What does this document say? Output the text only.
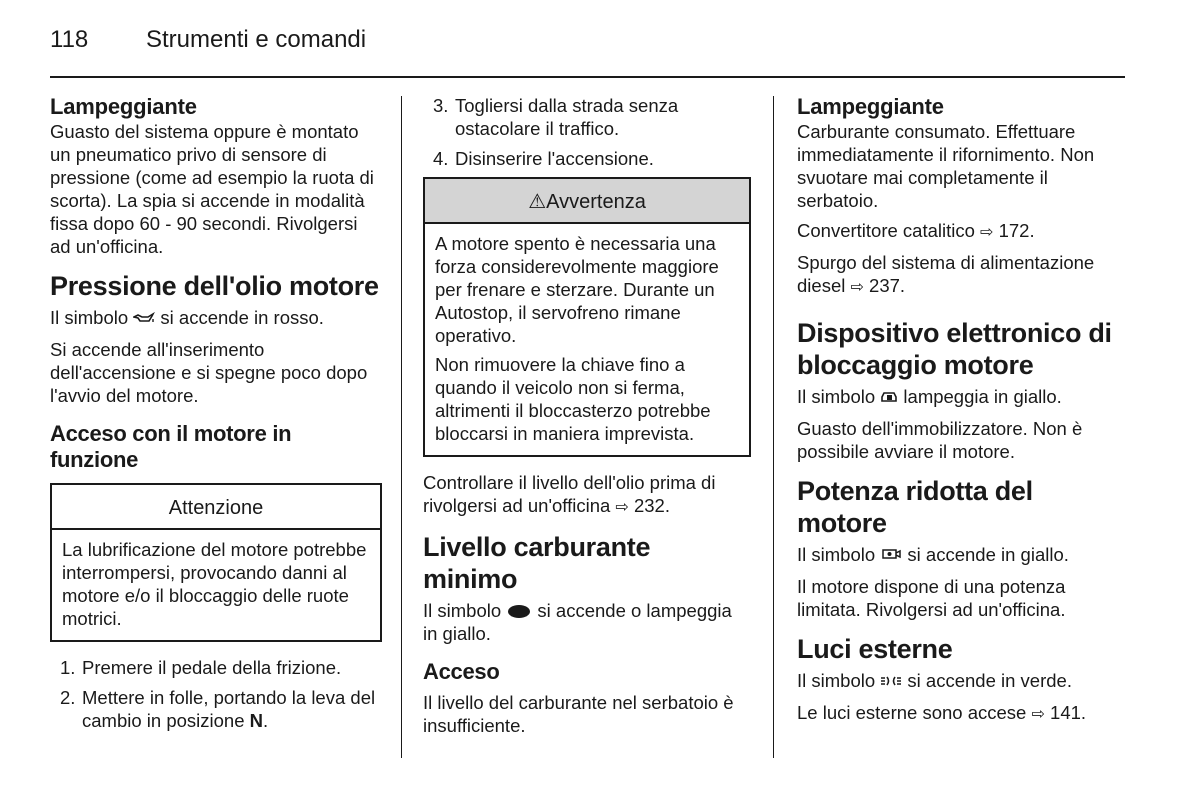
118 Strumenti e comandi
Lampeggiante

Guasto del sistema oppure è montato un pneumatico privo di sensore di pressione (come ad esempio la ruota di scorta). La spia si accende in modalità fissa dopo 60 - 90 secondi. Rivolgersi ad un'officina.

Pressione dell'olio motore

Il simbolo si accende in rosso.

Si accende all'inserimento dell'accensione e si spegne poco dopo l'avvio del motore.

Acceso con il motore in funzione
Attenzione

La lubrificazione del motore potrebbe interrompersi, provocando danni al motore e/o il bloccaggio delle ruote motrici.

1. Premere il pedale della frizione.
2. Mettere in folle, portando la leva del cambio in posizione N.
3. Togliersi dalla strada senza ostacolare il traffico.
4. Disinserire l'accensione.
⚠Avvertenza

A motore spento è necessaria una forza considerevolmente maggiore per frenare e sterzare. Durante un Autostop, il servofreno rimane operativo.

Non rimuovere la chiave fino a quando il veicolo non si ferma, altrimenti il bloccasterzo potrebbe bloccarsi in maniera imprevista.

Controllare il livello dell'olio prima di rivolgersi ad un'officina ⇨ 232.

Livello carburante minimo

Il simbolo si accende o lampeggia in giallo.

Acceso

Il livello del carburante nel serbatoio è insufficiente.

Lampeggiante

Carburante consumato. Effettuare immediatamente il rifornimento. Non svuotare mai completamente il serbatoio.

Convertitore catalitico ⇨ 172.

Spurgo del sistema di alimentazione diesel ⇨ 237.

Dispositivo elettronico di bloccaggio motore

Il simbolo lampeggia in giallo.

Guasto dell'immobilizzatore. Non è possibile avviare il motore.

Potenza ridotta del motore

Il simbolo si accende in giallo.

Il motore dispone di una potenza limitata. Rivolgersi ad un'officina.

Luci esterne

Il simbolo si accende in verde.

Le luci esterne sono accese ⇨ 141.
